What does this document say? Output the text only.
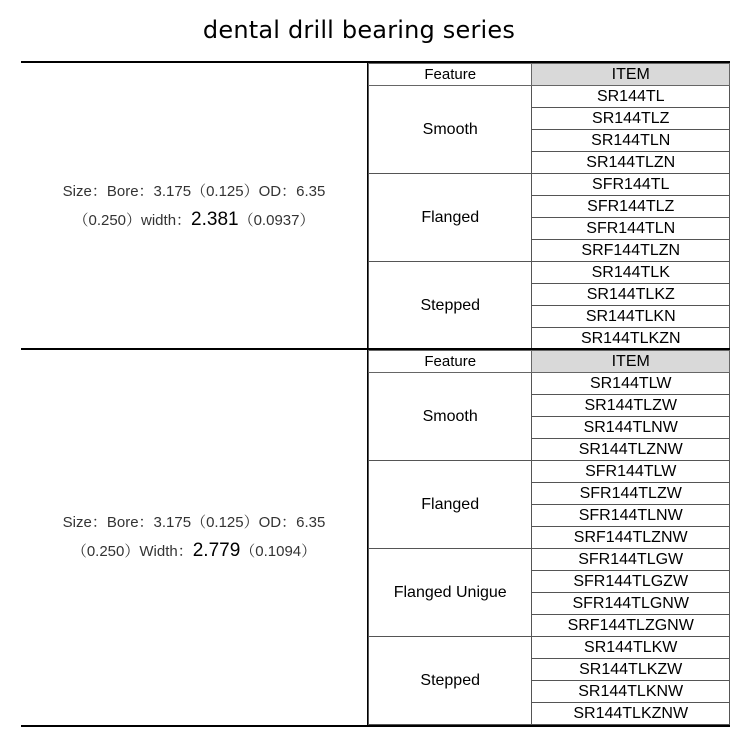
dental drill bearing series
Size：Bore：3.175（0.125）OD：6.35
（0.250）width：2.381（0.0937）
Feature	ITEM
Smooth	SR144TL
	SR144TLZ
	SR144TLN
	SR144TLZN
Flanged	SFR144TL
	SFR144TLZ
	SFR144TLN
	SRF144TLZN
Stepped	SR144TLK
	SR144TLKZ
	SR144TLKN
	SR144TLKZN
Size：Bore：3.175（0.125）OD：6.35
（0.250）Width：2.779（0.1094）
Feature	ITEM
Smooth	SR144TLW
	SR144TLZW
	SR144TLNW
	SR144TLZNW
Flanged	SFR144TLW
	SFR144TLZW
	SFR144TLNW
	SRF144TLZNW
Flanged Unigue	SFR144TLGW
	SFR144TLGZW
	SFR144TLGNW
	SRF144TLZGNW
Stepped	SR144TLKW
	SR144TLKZW
	SR144TLKNW
	SR144TLKZNW
